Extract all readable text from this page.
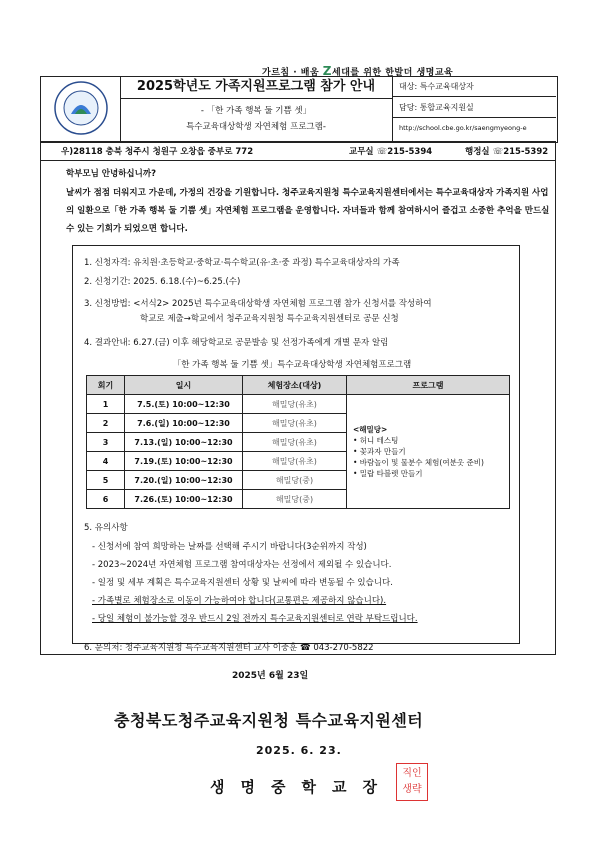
가르침 · 배움 Z세대를 위한 한발더 생명교육
2025학년도 가족지원프로그램 참가 안내
- 「한 가족 행복 둘 기쁨 셋」
특수교육대상학생 자연체험 프로그램-
대상: 특수교육대상자
담당: 통합교육지원실
http://school.cbe.go.kr/saengmyeong-e
우)28118 충북 청주시 청원구 오창읍 중부로 772	교무실 ☏215-5394	행정실 ☏215-5392
학부모님 안녕하십니까?
날씨가 점점 더워지고 가운데, 가정의 건강을 기원합니다. 청주교육지원청 특수교육지원센터에서는 특수교육대상자 가족지원 사업의 일환으로「한 가족 행복 둘 기쁨 셋」자연체험 프로그램을 운영합니다. 자녀들과 함께 참여하시어 즐겁고 소중한 추억을 만드실 수 있는 기회가 되었으면 합니다.
1. 신청자격: 유치원·초등학교·중학교·특수학교(유·초·중 과정) 특수교육대상자의 가족
2. 신청기간: 2025. 6.18.(수)~6.25.(수)
3. 신청방법: <서식2> 2025년 특수교육대상학생 자연체험 프로그램 참가 신청서를 작성하여
학교로 제출→학교에서 청주교육지원청 특수교육지원센터로 공문 신청
4. 결과안내: 6.27.(금) 이후 해당학교로 공문발송 및 선정가족에게 개별 문자 알림
「한 가족 행복 둘 기쁨 셋」특수교육대상학생 자연체험프로그램
회기	일시	체험장소(대상)	프로그램
1	7.5.(토) 10:00~12:30	해밀당(유초)	<해밀당>
• 허니 테스팅
• 꽃과자 만들기
• 바람놀이 및 물분수 체험(여분옷 준비)
• 밀랍 타블렛 만들기

2	7.6.(일) 10:00~12:30	해밀당(유초)	
3	7.13.(일) 10:00~12:30	해밀당(유초)	
4	7.19.(토) 10:00~12:30	해밀당(유초)	
5	7.20.(일) 10:00~12:30	해밀당(중)	
6	7.26.(토) 10:00~12:30	해밀당(중)	
5. 유의사항
- 신청서에 참여 희망하는 날짜를 선택해 주시기 바랍니다(3순위까지 작성)
- 2023~2024년 자연체험 프로그램 참여대상자는 선정에서 제외될 수 있습니다.
- 일정 및 세부 계획은 특수교육지원센터 상황 및 날씨에 따라 변동될 수 있습니다.
- 가족별로 체험장소로 이동이 가능하여야 합니다(교통편은 제공하지 않습니다).
- 당일 체험이 불가능할 경우 반드시 2일 전까지 특수교육지원센터로 연락 부탁드립니다.
6. 문의처: 청주교육지원청 특수교육지원센터 교사 이중훈 ☎ 043-270-5822
2025년 6월 23일
충청북도청주교육지원청 특수교육지원센터
2025. 6. 23.
생명중학교장
직인
생략
